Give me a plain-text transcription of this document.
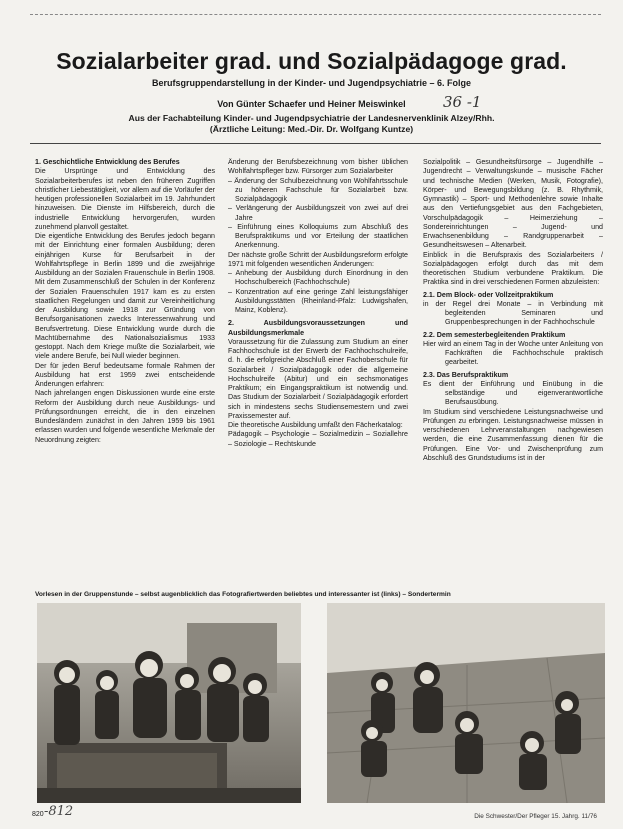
Sozialarbeiter grad. und Sozialpädagoge grad.
Berufsgruppendarstellung in der Kinder- und Jugendpsychiatrie – 6. Folge
Von Günter Schaefer und Heiner Meiswinkel	36 -1
Aus der Fachabteilung Kinder- und Jugendpsychiatrie der Landesnervenklinik Alzey/Rhh.
(Ärztliche Leitung: Med.-Dir. Dr. Wolfgang Kuntze)

1. Geschichtliche Entwicklung des Berufes

Die Ursprünge und Entwicklung des Sozialarbeiterberufes ist neben den früheren Zugriffen christlicher Liebestätigkeit, vor allem auf die Vorläufer der heutigen professionellen Sozialarbeit im 19. Jahrhundert hinzuweisen. Die Dienste im Hilfsbereich, durch die industrielle Entwicklung hervorgerufen, wurden zunehmend planvoll gestaltet.

Die eigentliche Entwicklung des Berufes jedoch begann mit der Einrichtung einer formalen Ausbildung; deren einjährigen Kurse für Berufsarbeit in der Wohlfahrtspflege in Berlin 1899 und die zweijährige Ausbildung an der Sozialen Frauenschule in Berlin 1908. Mit dem Zusammenschluß der Schulen in der Konferenz der Sozialen Frauenschulen 1917 kam es zu ersten staatlichen Regelungen und damit zur Vereinheitlichung der Ausbildung sowie 1918 zur Gründung von Berufsorganisationen zwecks Interessenwahrung und Berufsvertretung. Diese Entwicklung wurde durch die Machtübernahme des Nationalsozialismus 1933 gestoppt. Nach dem Kriege mußte die Sozialarbeit, wie viele andere Berufe, bei Null wieder beginnen.

Der für jeden Beruf bedeutsame formale Rahmen der Ausbildung hat erst 1959 zwei entscheidende Änderungen erfahren:

Nach jahrelangen engen Diskussionen wurde eine erste Reform der Ausbildung durch neue Ausbildungs- und Prüfungsordnungen erreicht, die in den einzelnen Bundesländern zunächst in den Jahren 1959 bis 1961 erlassen wurden und folgende wesentliche Merkmale der Neuordnung zeigten:

Änderung der Berufsbezeichnung vom bisher üblichen Wohlfahrtspfleger bzw. Fürsorger zum Sozialarbeiter

– Änderung der Schulbezeichnung von Wohlfahrtsschule zu höheren Fachschule für Sozialarbeit bzw. Sozialpädagogik

– Verlängerung der Ausbildungszeit von zwei auf drei Jahre

– Einführung eines Kolloquiums zum Abschluß des Berufspraktikums und vor Erteilung der staatlichen Anerkennung.

Der nächste große Schritt der Ausbildungsreform erfolgte 1971 mit folgenden wesentlichen Änderungen:

– Anhebung der Ausbildung durch Einordnung in den Hochschulbereich (Fachhochschule)

– Konzentration auf eine geringe Zahl leistungsfähiger Ausbildungsstätten (Rheinland-Pfalz: Ludwigshafen, Mainz, Koblenz).

2. Ausbildungsvoraussetzungen und Ausbildungsmerkmale

Voraussetzung für die Zulassung zum Studium an einer Fachhochschule ist der Erwerb der Fachhochschulreife, d. h. die erfolgreiche Abschluß einer Fachoberschule für Sozialarbeit / Sozialpädagogik oder die allgemeine Hochschulreife (Abitur) und ein sechsmonatiges Praktikum; ein Eingangspraktikum ist notwendig und. Das Studium der Sozialarbeit / Sozialpädagogik erfordert sich in mindestens sechs Studiensemestern und zwei Praxissemester auf.

Die theoretische Ausbildung umfaßt den Fächerkatalog:

Pädagogik – Psychologie – Sozialmedizin – Soziallehre – Soziologie – Rechtskunde

Sozialpolitik – Gesundheitsfürsorge – Jugendhilfe – Jugendrecht – Verwaltungskunde – musische Fächer und technische Medien (Werken, Musik, Fotografie), Körper- und Bewegungsbildung (z. B. Rhythmik, Gymnastik) – Sport- und Methodenlehre sowie Inhalte aus den Vertiefungsgebiet aus den Fachgebieten, Vorschulpädagogik – Heimerziehung – Sondereinrichtungen – Jugend- und Erwachsenenbildung – Randgruppenarbeit – Gesundheitswesen – Altenarbeit.

Einblick in die Berufspraxis des Sozialarbeiters / Sozialpädagogen erfolgt durch das mit dem theoretischen Studium verbundene Praktikum. Die Praktika sind in drei verschiedenen Formen abzuleisten:

2.1. Dem Block- oder Vollzeitpraktikum

in der Regel drei Monate – in Verbindung mit begleitenden Seminaren und Gruppenbesprechungen in der Fachhochschule

2.2. Dem semesterbegleitenden Praktikum

Hier wird an einem Tag in der Woche unter Anleitung von Fachkräften die Fachhochschule praktisch gearbeitet.

2.3. Das Berufspraktikum

Es dient der Einführung und Einübung in die selbständige und eigenverantwortliche Berufsausübung.

Im Studium sind verschiedene Leistungsnachweise und Prüfungen zu erbringen. Leistungsnachweise müssen in verschiedenen Lehrveranstaltungen nachgewiesen werden, die eine Zusammenfassung dienen für die Prüfungen. Eine Vor- und Zwischenprüfung zum Abschluß des Grundstudiums ist in der

Vorlesen in der Gruppenstunde – selbst augenblicklich das Fotografiertwerden beliebtes und interessanter ist (links) – Sondertermin
820 -812	Die Schwester/Der Pfleger 15. Jahrg. 11/76
